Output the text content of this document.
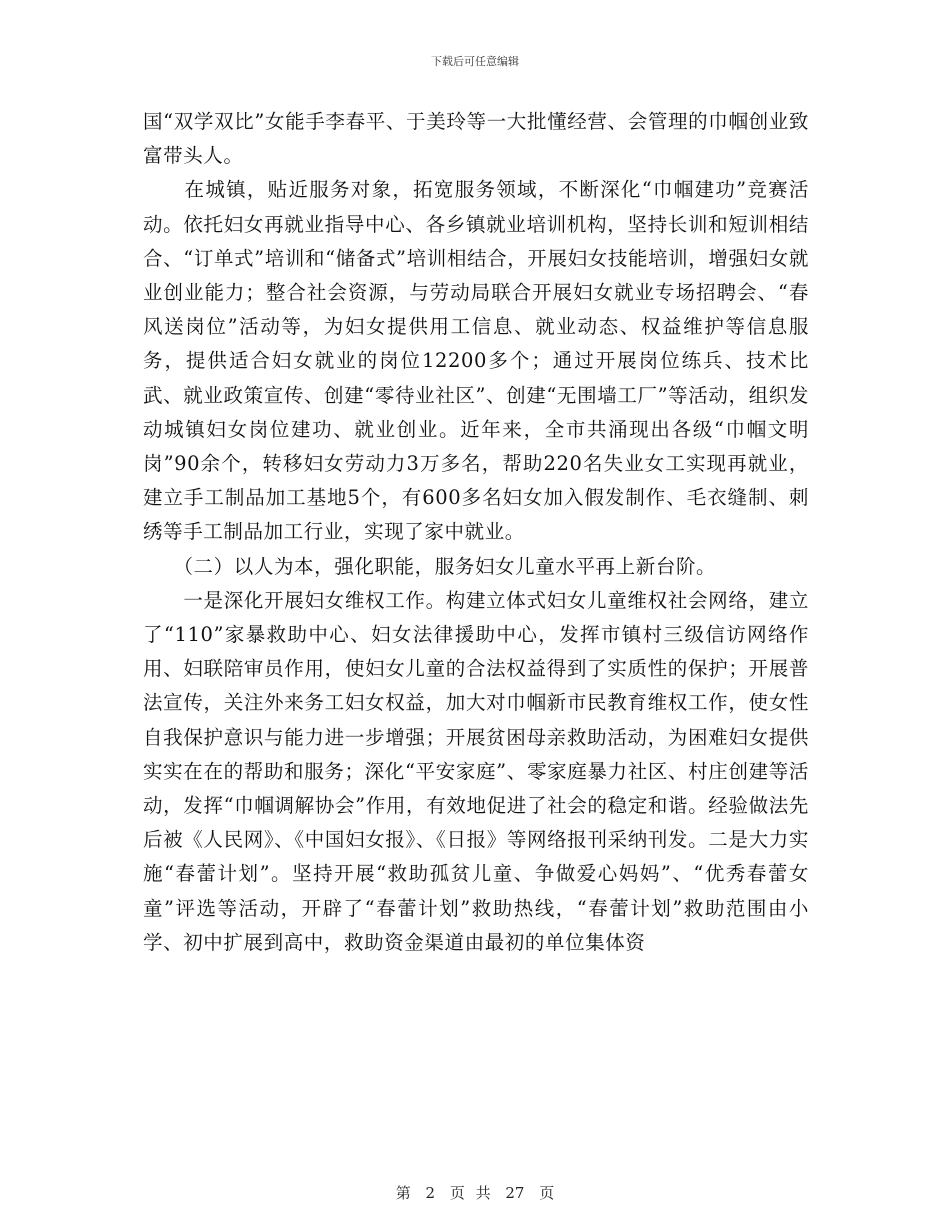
下载后可任意编辑

国“双学双比”女能手李春平、于美玲等一大批懂经营、会管理的巾帼创业致富带头人。

　　在城镇，贴近服务对象，拓宽服务领域，不断深化“巾帼建功”竞赛活动。依托妇女再就业指导中心、各乡镇就业培训机构，坚持长训和短训相结合、“订单式”培训和“储备式”培训相结合，开展妇女技能培训，增强妇女就业创业能力；整合社会资源，与劳动局联合开展妇女就业专场招聘会、“春风送岗位”活动等，为妇女提供用工信息、就业动态、权益维护等信息服务，提供适合妇女就业的岗位12200多个；通过开展岗位练兵、技术比武、就业政策宣传、创建“零待业社区”、创建“无围墙工厂”等活动，组织发动城镇妇女岗位建功、就业创业。近年来，全市共涌现出各级“巾帼文明岗”90余个，转移妇女劳动力3万多名，帮助220名失业女工实现再就业，建立手工制品加工基地5个，有600多名妇女加入假发制作、毛衣缝制、刺绣等手工制品加工行业，实现了家中就业。

　　（二）以人为本，强化职能，服务妇女儿童水平再上新台阶。

　　一是深化开展妇女维权工作。构建立体式妇女儿童维权社会网络，建立了“110”家暴救助中心、妇女法律援助中心，发挥市镇村三级信访网络作用、妇联陪审员作用，使妇女儿童的合法权益得到了实质性的保护；开展普法宣传，关注外来务工妇女权益，加大对巾帼新市民教育维权工作，使女性自我保护意识与能力进一步增强；开展贫困母亲救助活动，为困难妇女提供实实在在的帮助和服务；深化“平安家庭”、零家庭暴力社区、村庄创建等活动，发挥“巾帼调解协会”作用，有效地促进了社会的稳定和谐。经验做法先后被《人民网》、《中国妇女报》、《日报》等网络报刊采纳刊发。二是大力实施“春蕾计划”。坚持开展“救助孤贫儿童、争做爱心妈妈”、“优秀春蕾女童”评选等活动，开辟了“春蕾计划”救助热线，“春蕾计划”救助范围由小学、初中扩展到高中，救助资金渠道由最初的单位集体资

第 2 页 共 27 页
